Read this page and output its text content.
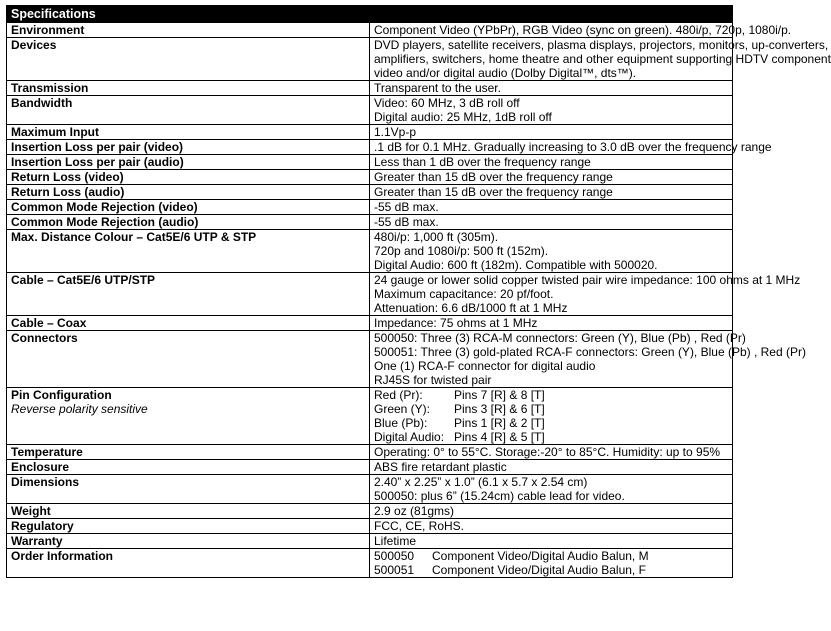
Specifications	
Environment	Component Video (YPbPr), RGB Video (sync on green). 480i/p, 720p, 1080i/p.

Devices	DVD players, satellite receivers, plasma displays, projectors, monitors, up-converters,
amplifiers, switchers, home theatre and other equipment supporting HDTV component
video and/or digital audio (Dolby Digital™, dts™).

Transmission	Transparent to the user.

Bandwidth	Video: 60 MHz, 3 dB roll off
Digital audio: 25 MHz, 1dB roll off

Maximum Input	1.1Vp-p

Insertion Loss per pair (video)	.1 dB for 0.1 MHz. Gradually increasing to 3.0 dB over the frequency range

Insertion Loss per pair (audio)	Less than 1 dB over the frequency range

Return Loss (video)	Greater than 15 dB over the frequency range

Return Loss (audio)	Greater than 15 dB over the frequency range

Common Mode Rejection (video)	-55 dB max.

Common Mode Rejection (audio)	-55 dB max.

Max. Distance Colour – Cat5E/6 UTP & STP	480i/p: 1,000 ft (305m).
720p and 1080i/p: 500 ft (152m).
Digital Audio: 600 ft (182m). Compatible with 500020.

Cable – Cat5E/6 UTP/STP	24 gauge or lower solid copper twisted pair wire impedance: 100 ohms at 1 MHz
Maximum capacitance: 20 pf/foot.
Attenuation: 6.6 dB/1000 ft at 1 MHz

Cable – Coax	Impedance: 75 ohms at 1 MHz

Connectors	500050: Three (3) RCA-M connectors: Green (Y), Blue (Pb) , Red (Pr)
500051: Three (3) gold-plated RCA-F connectors: Green (Y), Blue (Pb) , Red (Pr)
One (1) RCA-F connector for digital audio
RJ45S for twisted pair

Pin Configuration
Reverse polarity sensitive	Red (Pr): Pins 7 [R] & 8 [T]
Green (Y): Pins 3 [R] & 6 [T]
Blue (Pb): Pins 1 [R] & 2 [T]
Digital Audio: Pins 4 [R] & 5 [T]

Temperature	Operating: 0° to 55°C. Storage:-20° to 85°C. Humidity: up to 95%

Enclosure	ABS fire retardant plastic

Dimensions	2.40” x 2.25” x 1.0” (6.1 x 5.7 x 2.54 cm)
500050: plus 6” (15.24cm) cable lead for video.

Weight	2.9 oz (81gms)

Regulatory	FCC, CE, RoHS.

Warranty	Lifetime

Order Information	500050 Component Video/Digital Audio Balun, M
500051 Component Video/Digital Audio Balun, F
